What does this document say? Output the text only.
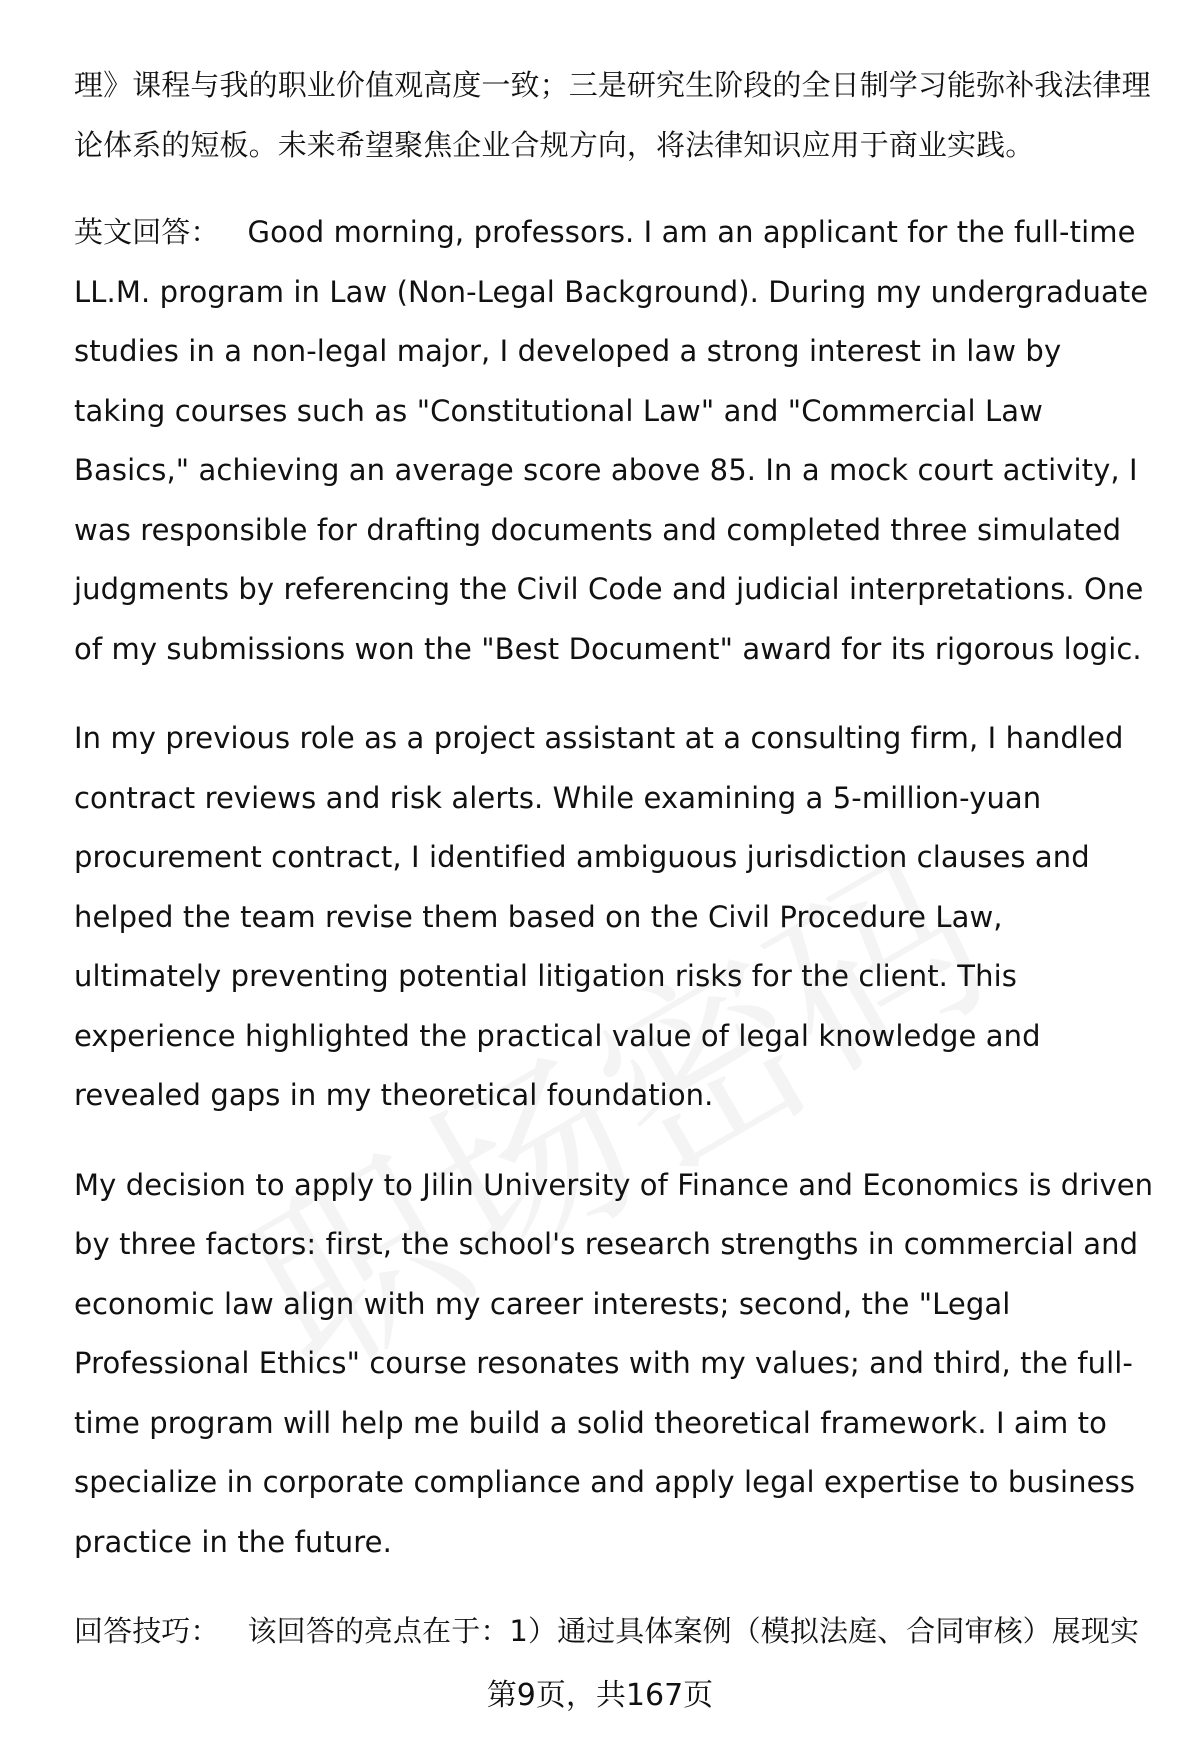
理》课程与我的职业价值观高度一致；三是研究生阶段的全日制学习能弥补我法律理论体系的短板。未来希望聚焦企业合规方向，将法律知识应用于商业实践。

英文回答： Good morning, professors. I am an applicant for the full-time LL.M. program in Law (Non-Legal Background). During my undergraduate studies in a non-legal major, I developed a strong interest in law by taking courses such as "Constitutional Law" and "Commercial Law Basics," achieving an average score above 85. In a mock court activity, I was responsible for drafting documents and completed three simulated judgments by referencing the Civil Code and judicial interpretations. One of my submissions won the "Best Document" award for its rigorous logic.

In my previous role as a project assistant at a consulting firm, I handled contract reviews and risk alerts. While examining a 5-million-yuan procurement contract, I identified ambiguous jurisdiction clauses and helped the team revise them based on the Civil Procedure Law, ultimately preventing potential litigation risks for the client. This experience highlighted the practical value of legal knowledge and revealed gaps in my theoretical foundation.

My decision to apply to Jilin University of Finance and Economics is driven by three factors: first, the school's research strengths in commercial and economic law align with my career interests; second, the "Legal Professional Ethics" course resonates with my values; and third, the full-time program will help me build a solid theoretical framework. I aim to specialize in corporate compliance and apply legal expertise to business practice in the future.

回答技巧： 该回答的亮点在于：1）通过具体案例（模拟法庭、合同审核）展现实

第9页，共167页
